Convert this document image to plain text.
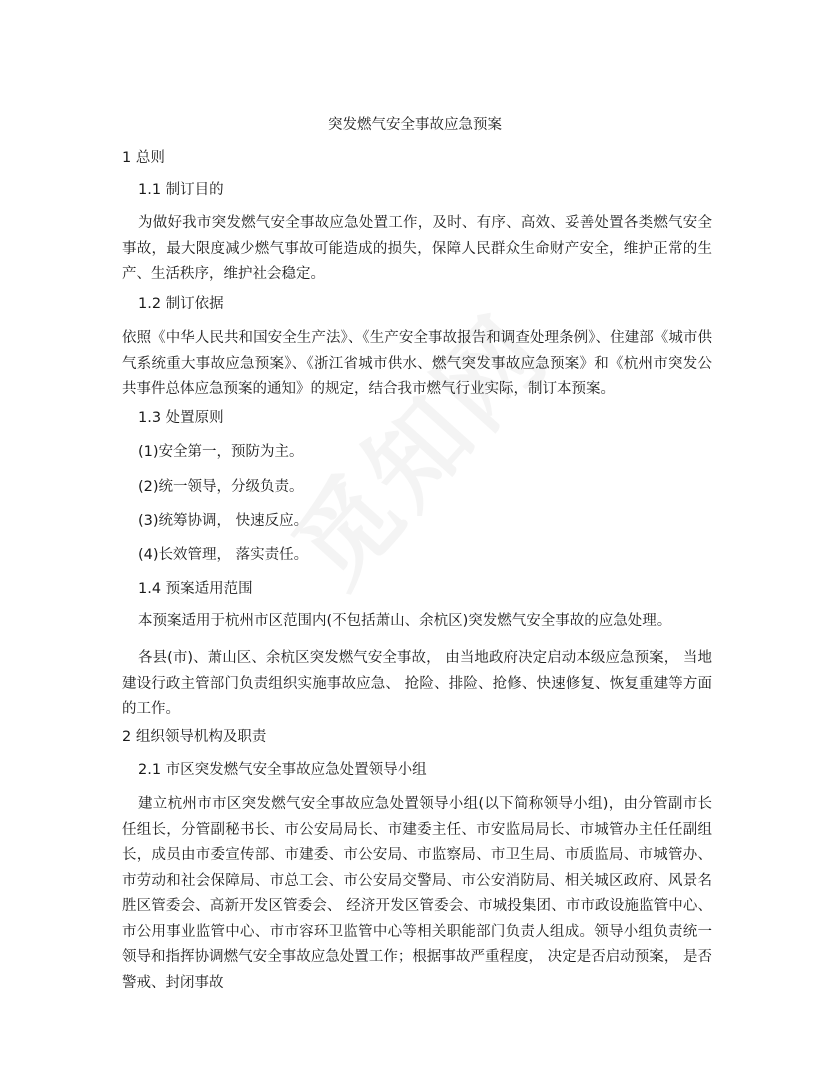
突发燃气安全事故应急预案
1 总则
1.1 制订目的

为做好我市突发燃气安全事故应急处置工作，及时、有序、高效、妥善处置各类燃气安全事故，最大限度减少燃气事故可能造成的损失，保障人民群众生命财产安全，维护正常的生产、生活秩序，维护社会稳定。

1.2 制订依据

依照《中华人民共和国安全生产法》、《生产安全事故报告和调查处理条例》、住建部《城市供气系统重大事故应急预案》、《浙江省城市供水、燃气突发事故应急预案》和《杭州市突发公共事件总体应急预案的通知》的规定，结合我市燃气行业实际，制订本预案。

1.3 处置原则
(1)安全第一，预防为主。
(2)统一领导，分级负责。
(3)统筹协调， 快速反应。
(4)长效管理， 落实责任。
1.4 预案适用范围

本预案适用于杭州市区范围内(不包括萧山、余杭区)突发燃气安全事故的应急处理。

各县(市)、萧山区、余杭区突发燃气安全事故， 由当地政府决定启动本级应急预案， 当地建设行政主管部门负责组织实施事故应急、 抢险、排险、抢修、快速修复、恢复重建等方面的工作。

2 组织领导机构及职责
2.1 市区突发燃气安全事故应急处置领导小组

建立杭州市市区突发燃气安全事故应急处置领导小组(以下简称领导小组)，由分管副市长任组长，分管副秘书长、市公安局局长、市建委主任、市安监局局长、市城管办主任任副组长，成员由市委宣传部、市建委、市公安局、市监察局、市卫生局、市质监局、市城管办、市劳动和社会保障局、市总工会、市公安局交警局、市公安消防局、相关城区政府、风景名胜区管委会、高新开发区管委会、 经济开发区管委会、市城投集团、市市政设施监管中心、市公用事业监管中心、市市容环卫监管中心等相关职能部门负责人组成。领导小组负责统一领导和指挥协调燃气安全事故应急处置工作；根据事故严重程度， 决定是否启动预案， 是否警戒、封闭事故
